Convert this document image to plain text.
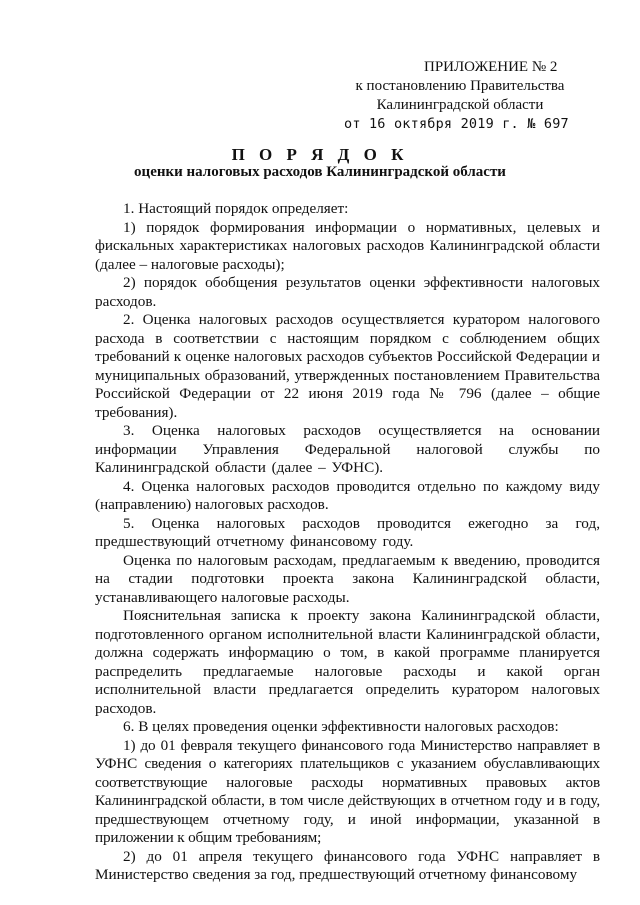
ПРИЛОЖЕНИЕ № 2
к постановлению Правительства
Калининградской области
от 16 октября 2019 г. № 697
П О Р Я Д О К
оценки налоговых расходов Калининградской области

1. Настоящий порядок определяет:

1) порядок формирования информации о нормативных, целевых и фискальных характеристиках налоговых расходов Калининградской области (далее – налоговые расходы);

2) порядок обобщения результатов оценки эффективности налоговых расходов.

2. Оценка налоговых расходов осуществляется куратором налогового расхода в соответствии с настоящим порядком с соблюдением общих требований к оценке налоговых расходов субъектов Российской Федерации и муниципальных образований, утвержденных постановлением Правительства Российской Федерации от 22 июня 2019 года № 796 (далее – общие требования).

3. Оценка налоговых расходов осуществляется на основании информации Управления Федеральной налоговой службы по Калининградской области (далее – УФНС).

4. Оценка налоговых расходов проводится отдельно по каждому виду (направлению) налоговых расходов.

5. Оценка налоговых расходов проводится ежегодно за год, предшествующий отчетному финансовому году.

Оценка по налоговым расходам, предлагаемым к введению, проводится на стадии подготовки проекта закона Калининградской области, устанавливающего налоговые расходы.

Пояснительная записка к проекту закона Калининградской области, подготовленного органом исполнительной власти Калининградской области, должна содержать информацию о том, в какой программе планируется распределить предлагаемые налоговые расходы и какой орган исполнительной власти предлагается определить куратором налоговых расходов.

6. В целях проведения оценки эффективности налоговых расходов:

1) до 01 февраля текущего финансового года Министерство направляет в УФНС сведения о категориях плательщиков с указанием обуславливающих соответствующие налоговые расходы нормативных правовых актов Калининградской области, в том числе действующих в отчетном году и в году, предшествующем отчетному году, и иной информации, указанной в приложении к общим требованиям;

2) до 01 апреля текущего финансового года УФНС направляет в Министерство сведения за год, предшествующий отчетному финансовому
